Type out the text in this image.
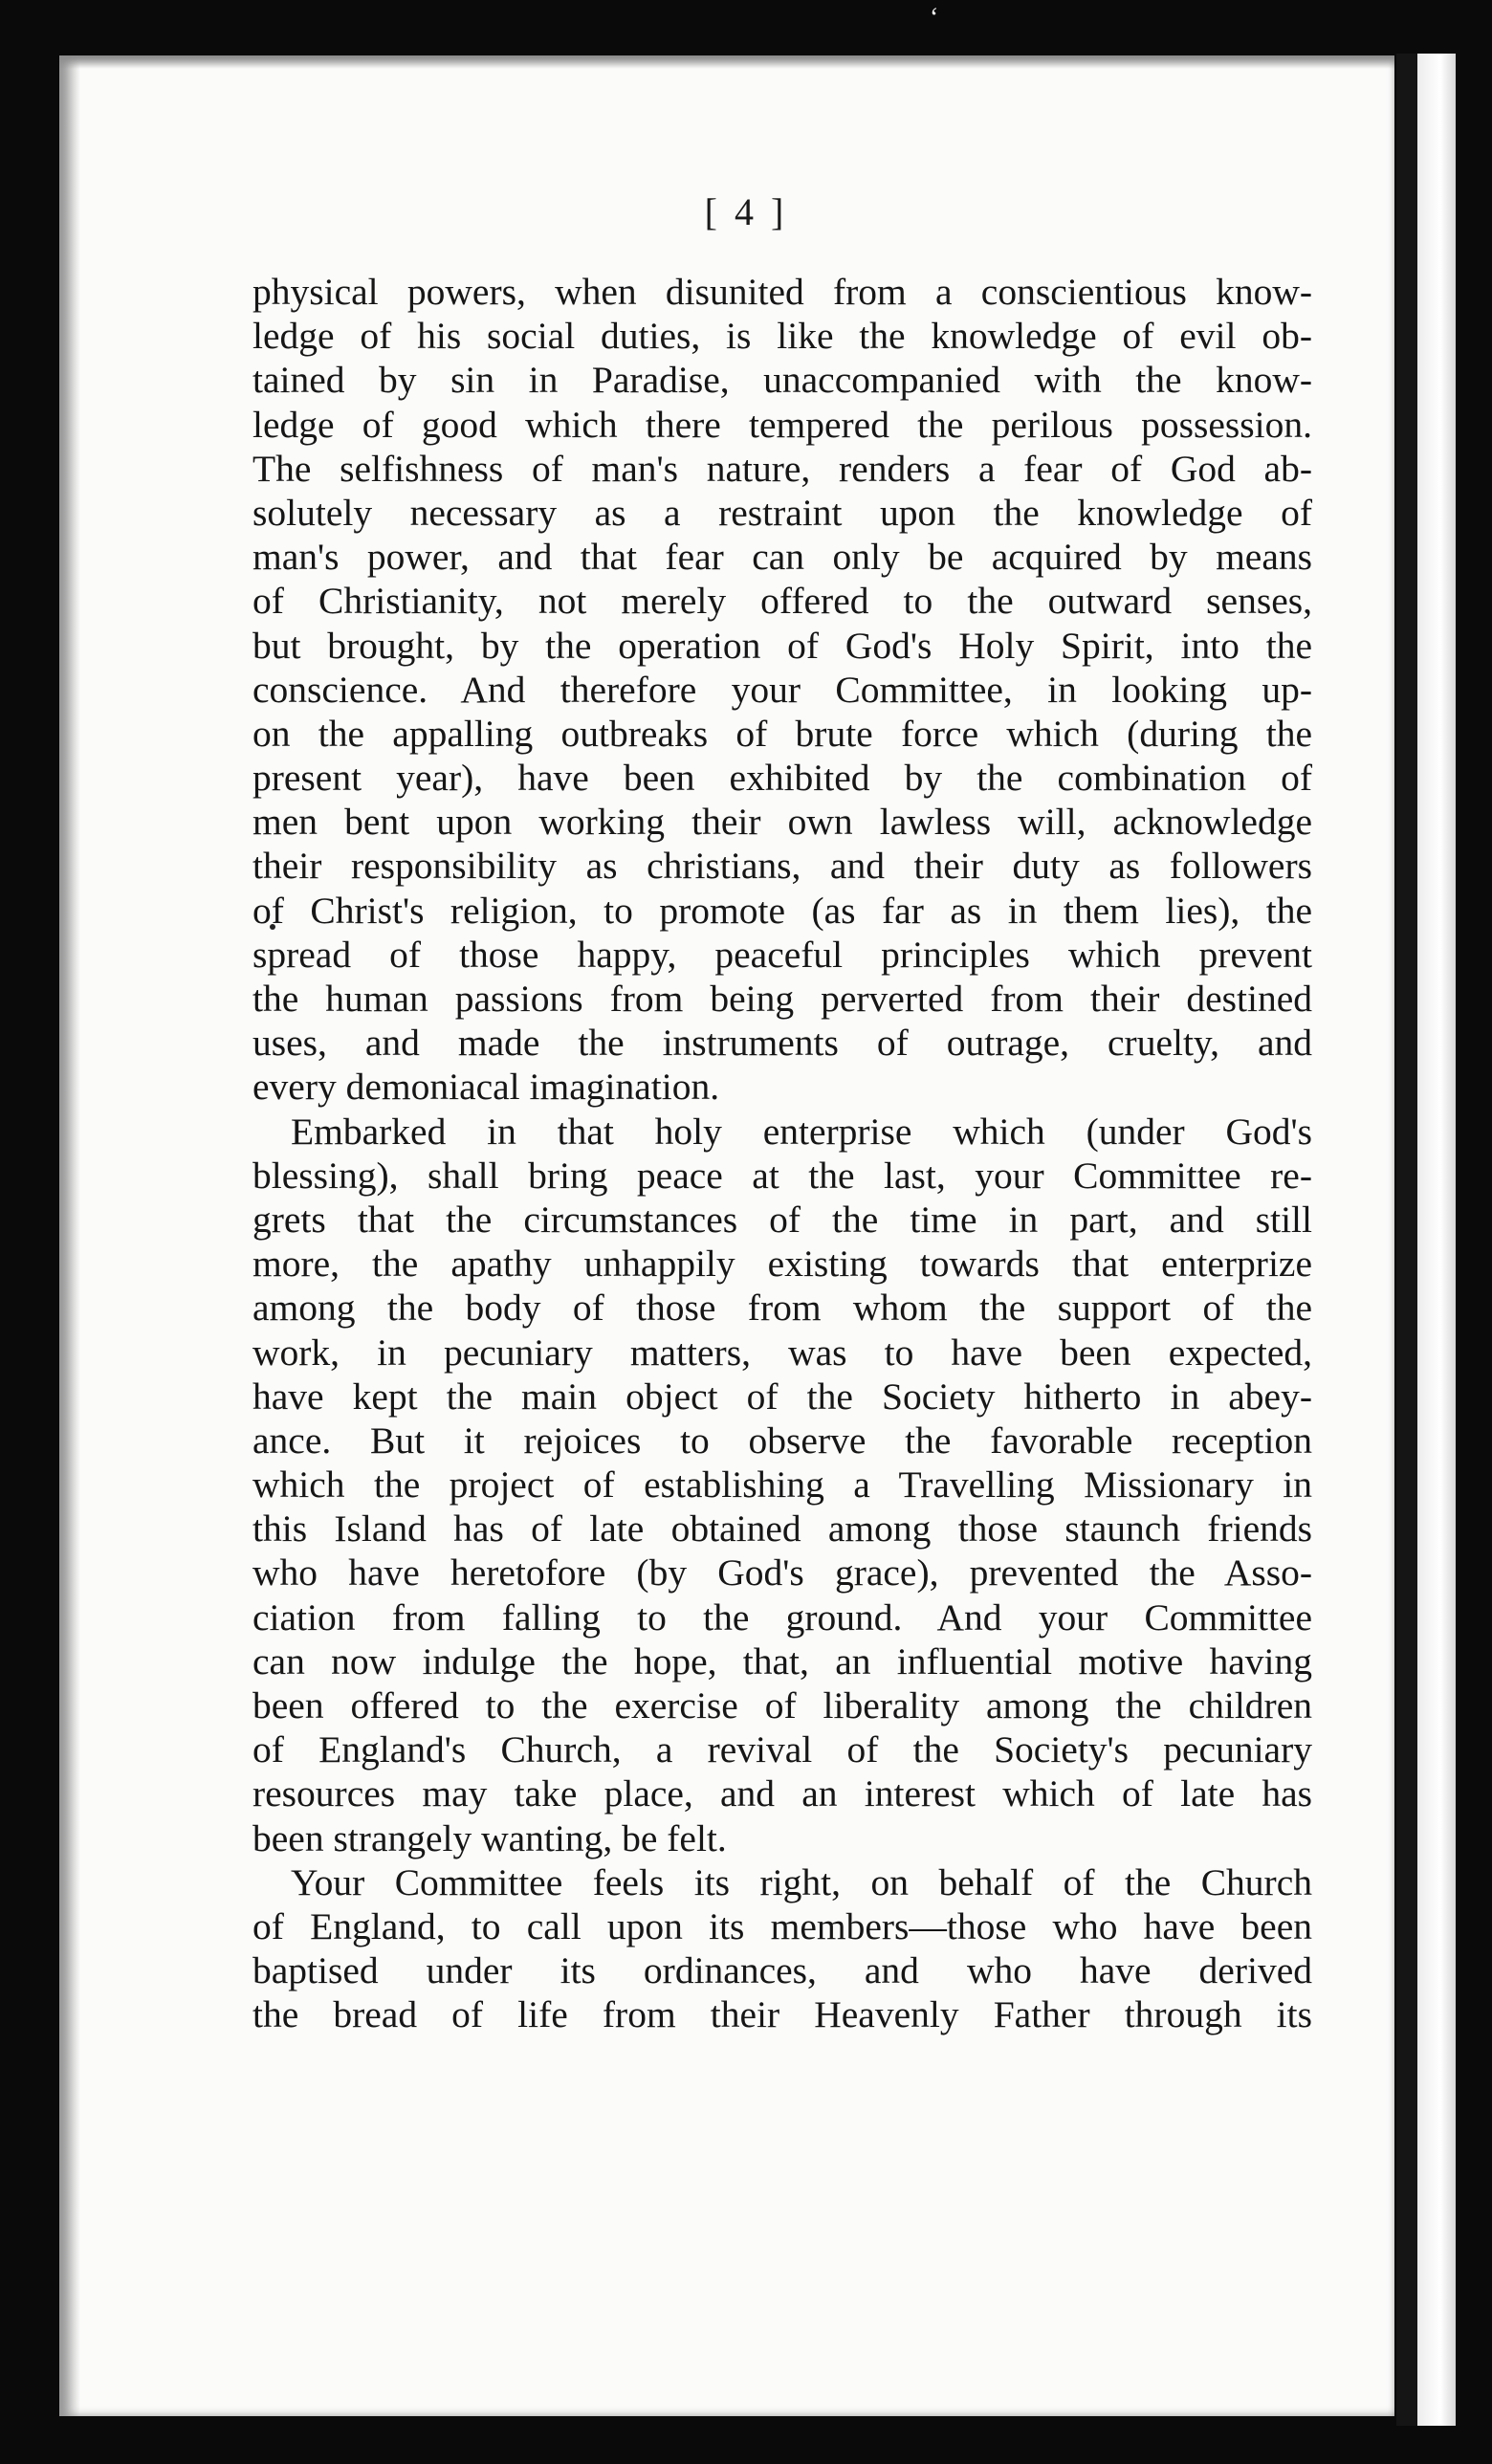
ʻ
[ 4 ]
physical powers, when disunited from a conscientious know-
ledge of his social duties, is like the knowledge of evil ob-
tained by sin in Paradise, unaccompanied with the know-
ledge of good which there tempered the perilous possession.
The selfishness of man's nature, renders a fear of God ab-
solutely necessary as a restraint upon the knowledge of
man's power, and that fear can only be acquired by means
of Christianity, not merely offered to the outward senses,
but brought, by the operation of God's Holy Spirit, into the
conscience. And therefore your Committee, in looking up-
on the appalling outbreaks of brute force which (during the
present year), have been exhibited by the combination of
men bent upon working their own lawless will, acknowledge
their responsibility as christians, and their duty as followers
of Christ's religion, to promote (as far as in them lies), the
spread of those happy, peaceful principles which prevent
the human passions from being perverted from their destined
uses, and made the instruments of outrage, cruelty, and
every demoniacal imagination.
Embarked in that holy enterprise which (under God's
blessing), shall bring peace at the last, your Committee re-
grets that the circumstances of the time in part, and still
more, the apathy unhappily existing towards that enterprize
among the body of those from whom the support of the
work, in pecuniary matters, was to have been expected,
have kept the main object of the Society hitherto in abey-
ance. But it rejoices to observe the favorable reception
which the project of establishing a Travelling Missionary in
this Island has of late obtained among those staunch friends
who have heretofore (by God's grace), prevented the Asso-
ciation from falling to the ground. And your Committee
can now indulge the hope, that, an influential motive having
been offered to the exercise of liberality among the children
of England's Church, a revival of the Society's pecuniary
resources may take place, and an interest which of late has
been strangely wanting, be felt.
Your Committee feels its right, on behalf of the Church
of England, to call upon its members—those who have been
baptised under its ordinances, and who have derived
the bread of life from their Heavenly Father through its
